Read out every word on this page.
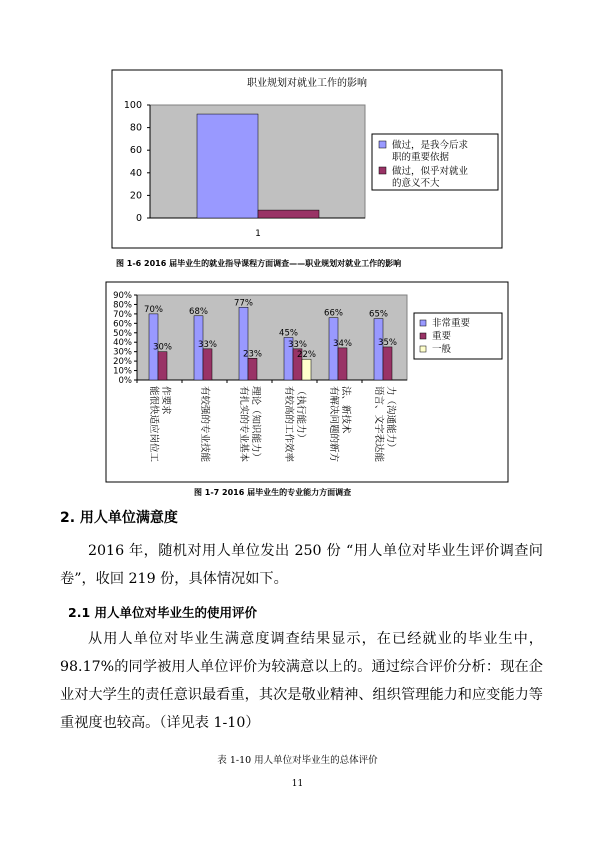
职业规划对就业工作的影响
0
20
40
60
80
100
1
做过，是我今后求
职的重要依据
做过，似乎对就业
的意义不大
图 1-6 2016 届毕业生的就业指导课程方面调查——职业规划对就业工作的影响
0%
10%
20%
30%
40%
50%
60%
70%
80%
90%
70%
30%
68%
33%
77%
23%
45%
33%
22%
66%
34%
65%
35%
能很快适应岗位工 作要求	有较强的专业技能	有扎实的专业基本 理论（知识能力） 有较高的工作效率 （执行能力） 有解决问题的新方 法、新技术 语言、文字表达能 力（沟通能力）
非常重要
重要
一般
图 1-7 2016 届毕业生的专业能力方面调查
2. 用人单位满意度

2016 年，随机对用人单位发出 250 份 “用人单位对毕业生评价调查问卷”，收回 219 份，具体情况如下。

2.1 用人单位对毕业生的使用评价

从用人单位对毕业生满意度调查结果显示，在已经就业的毕业生中，98.17%的同学被用人单位评价为较满意以上的。通过综合评价分析：现在企业对大学生的责任意识最看重，其次是敬业精神、组织管理能力和应变能力等重视度也较高。（详见表 1-10）

表 1-10 用人单位对毕业生的总体评价
11
